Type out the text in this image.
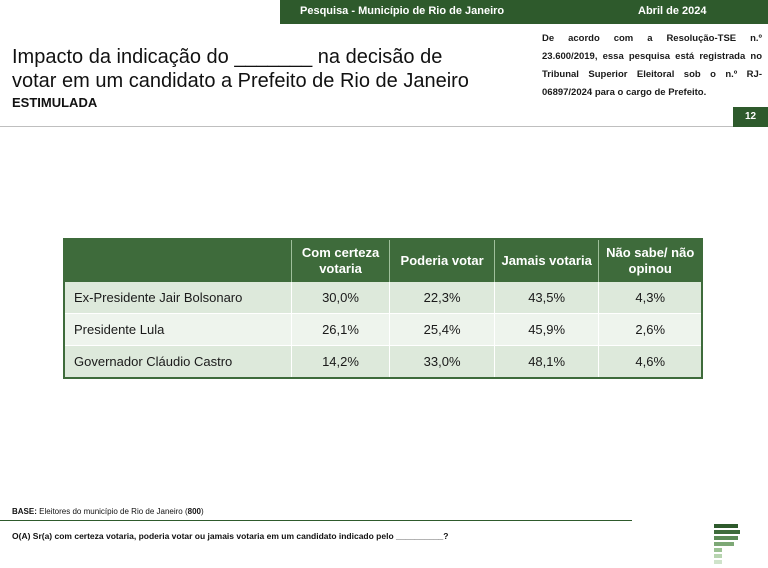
Pesquisa - Município de Rio de Janeiro	Abril de 2024
Impacto da indicação do _______ na decisão de
votar em um candidato a Prefeito de Rio de Janeiro
ESTIMULADA
De acordo com a Resolução-TSE n.º 23.600/2019, essa pesquisa está registrada no Tribunal Superior Eleitoral sob o n.º RJ-06897/2024 para o cargo de Prefeito.
12
	Com certeza votaria	Poderia votar	Jamais votaria	Não sabe/ não opinou
Ex-Presidente Jair Bolsonaro	30,0%	22,3%	43,5%	4,3%
Presidente Lula	26,1%	25,4%	45,9%	2,6%
Governador Cláudio Castro	14,2%	33,0%	48,1%	4,6%
BASE: Eleitores do município de Rio de Janeiro (800)
O(A) Sr(a) com certeza votaria, poderia votar ou jamais votaria em um candidato indicado pelo __________?
